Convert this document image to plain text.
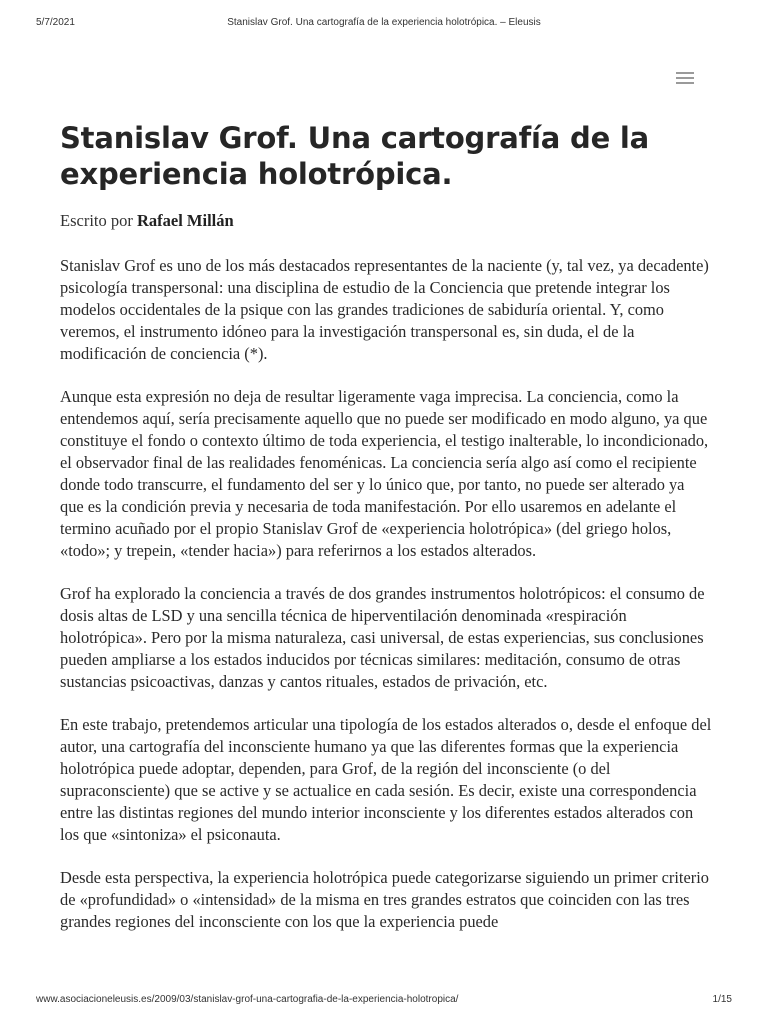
5/7/2021	Stanislav Grof. Una cartografía de la experiencia holotrópica. – Eleusis
Stanislav Grof. Una cartografía de la experiencia holotrópica.
Escrito por Rafael Millán

Stanislav Grof es uno de los más destacados representantes de la naciente (y, tal vez, ya decadente) psicología transpersonal: una disciplina de estudio de la Conciencia que pretende integrar los modelos occidentales de la psique con las grandes tradiciones de sabiduría oriental. Y, como veremos, el instrumento idóneo para la investigación transpersonal es, sin duda, el de la modificación de conciencia (*).

Aunque esta expresión no deja de resultar ligeramente vaga imprecisa. La conciencia, como la entendemos aquí, sería precisamente aquello que no puede ser modificado en modo alguno, ya que constituye el fondo o contexto último de toda experiencia, el testigo inalterable, lo incondicionado, el observador final de las realidades fenoménicas. La conciencia sería algo así como el recipiente donde todo transcurre, el fundamento del ser y lo único que, por tanto, no puede ser alterado ya que es la condición previa y necesaria de toda manifestación. Por ello usaremos en adelante el termino acuñado por el propio Stanislav Grof de «experiencia holotrópica» (del griego holos, «todo»; y trepein, «tender hacia») para referirnos a los estados alterados.

Grof ha explorado la conciencia a través de dos grandes instrumentos holotrópicos: el consumo de dosis altas de LSD y una sencilla técnica de hiperventilación denominada «respiración holotrópica». Pero por la misma naturaleza, casi universal, de estas experiencias, sus conclusiones pueden ampliarse a los estados inducidos por técnicas similares: meditación, consumo de otras sustancias psicoactivas, danzas y cantos rituales, estados de privación, etc.

En este trabajo, pretendemos articular una tipología de los estados alterados o, desde el enfoque del autor, una cartografía del inconsciente humano ya que las diferentes formas que la experiencia holotrópica puede adoptar, dependen, para Grof, de la región del inconsciente (o del supraconsciente) que se active y se actualice en cada sesión. Es decir, existe una correspondencia entre las distintas regiones del mundo interior inconsciente y los diferentes estados alterados con los que «sintoniza» el psiconauta.

Desde esta perspectiva, la experiencia holotrópica puede categorizarse siguiendo un primer criterio de «profundidad» o «intensidad» de la misma en tres grandes estratos que coinciden con las tres grandes regiones del inconsciente con los que la experiencia puede

www.asociacioneleusis.es/2009/03/stanislav-grof-una-cartografia-de-la-experiencia-holotropica/	1/15
